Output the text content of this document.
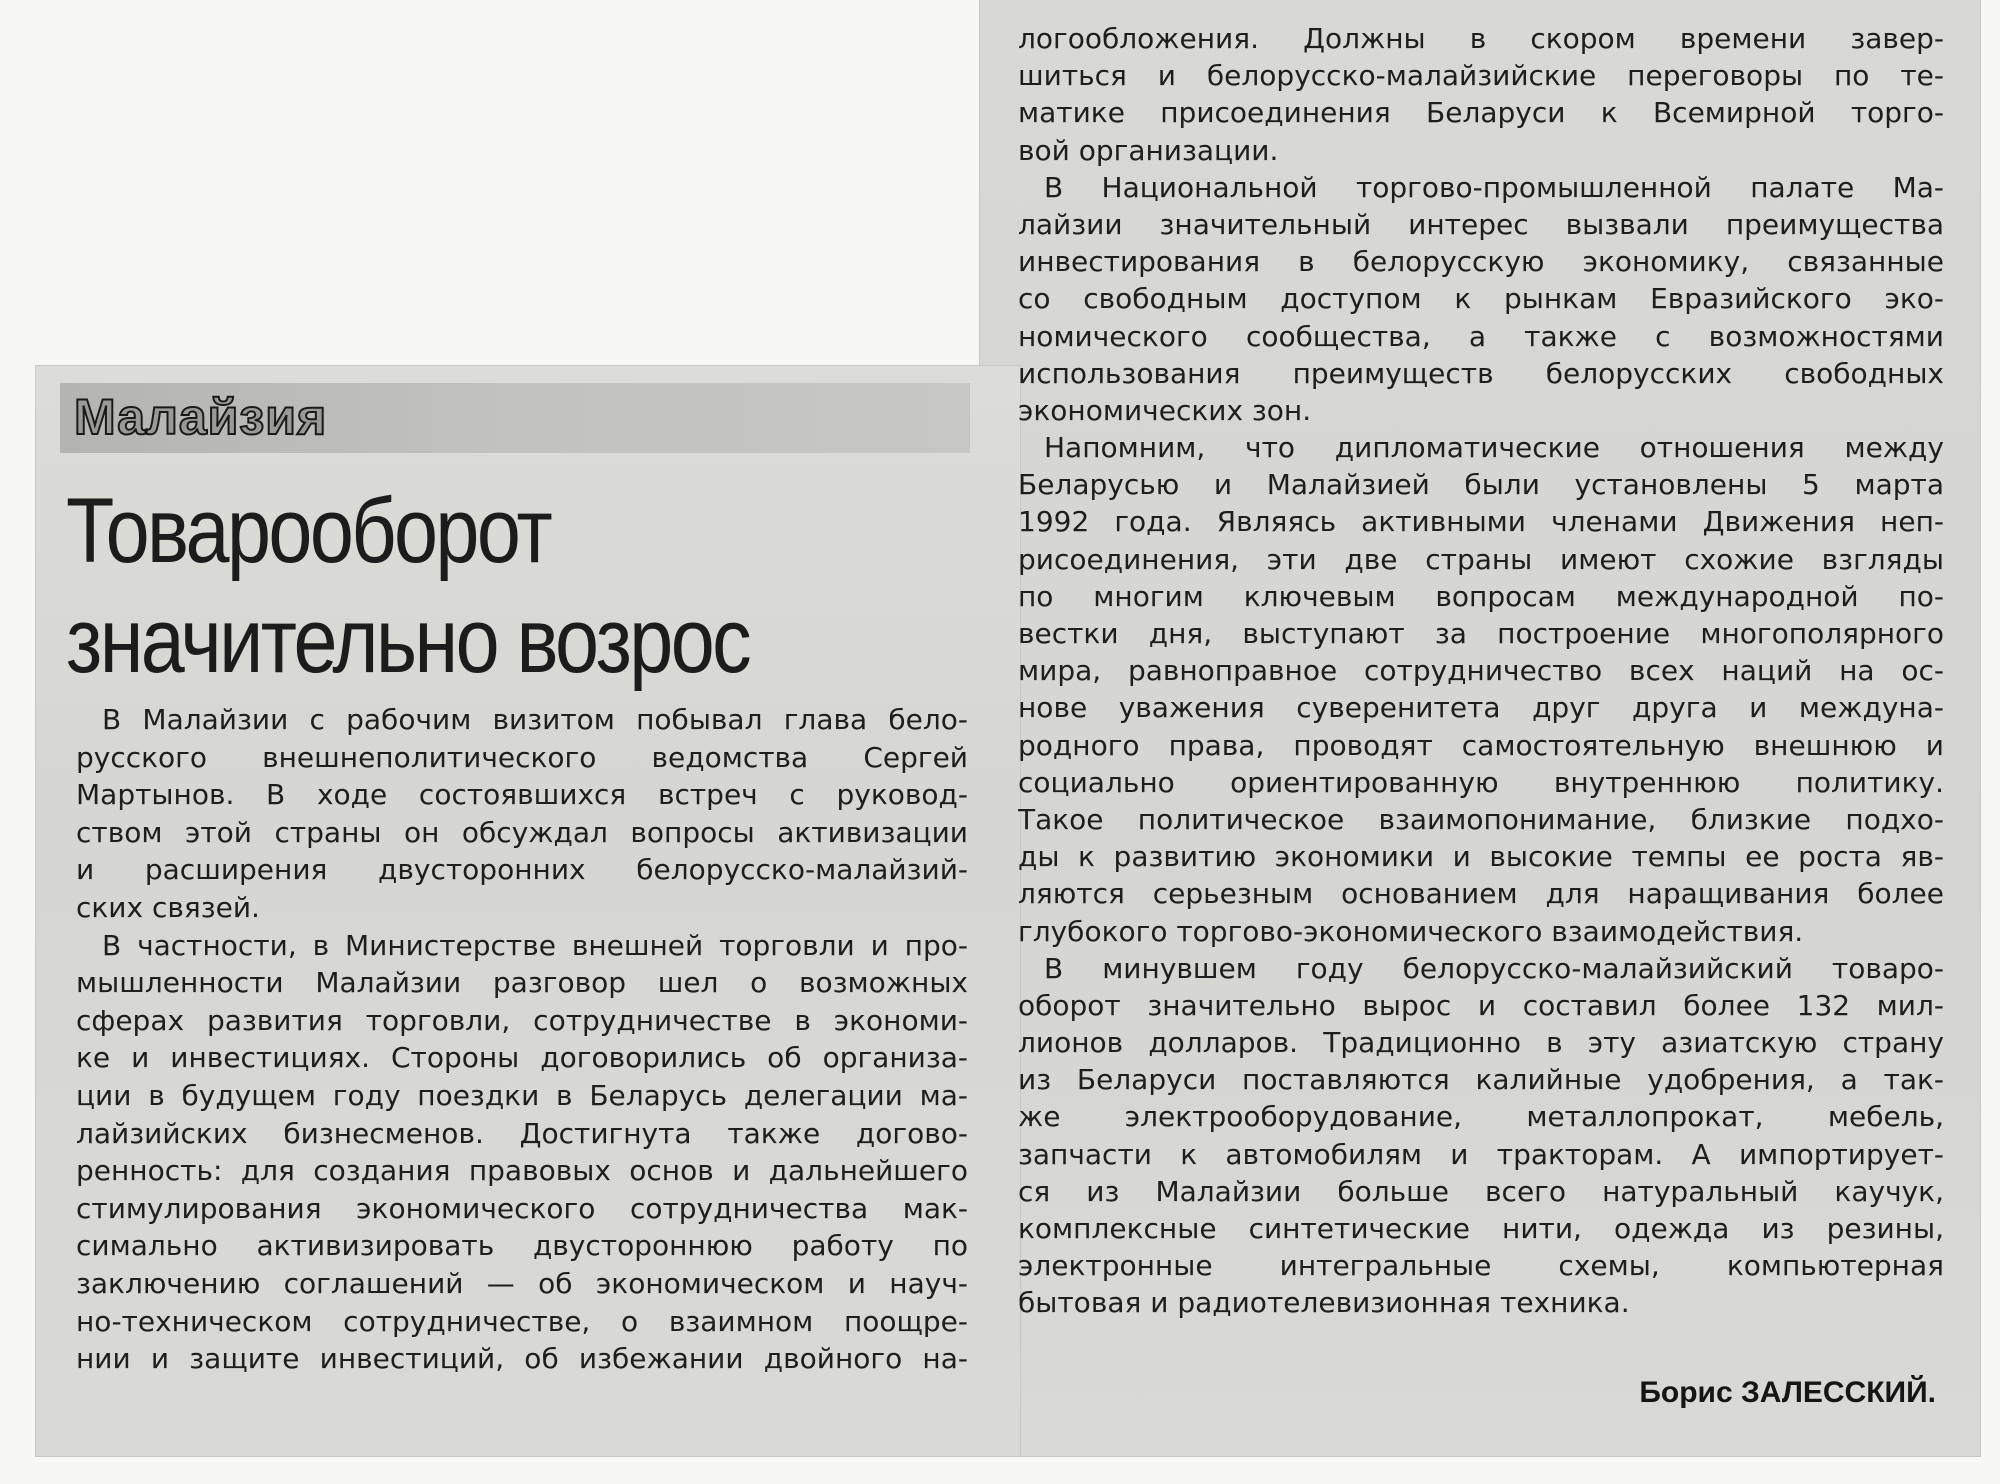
Малайзия
Товарооборот
значительно возрос
В Малайзии с рабочим визитом побывал глава бело-
русского внешнеполитического ведомства Сергей
Мартынов. В ходе состоявшихся встреч с руковод-
ством этой страны он обсуждал вопросы активизации
и расширения двусторонних белорусско-малайзий-
ских связей.
В частности, в Министерстве внешней торговли и про-
мышленности Малайзии разговор шел о возможных
сферах развития торговли, сотрудничестве в экономи-
ке и инвестициях. Стороны договорились об организа-
ции в будущем году поездки в Беларусь делегации ма-
лайзийских бизнесменов. Достигнута также догово-
ренность: для создания правовых основ и дальнейшего
стимулирования экономического сотрудничества мак-
симально активизировать двустороннюю работу по
заключению соглашений — об экономическом и науч-
но-техническом сотрудничестве, о взаимном поощре-
нии и защите инвестиций, об избежании двойного на-
логообложения. Должны в скором времени завер-
шиться и белорусско-малайзийские переговоры по те-
матике присоединения Беларуси к Всемирной торго-
вой организации.
В Национальной торгово-промышленной палате Ма-
лайзии значительный интерес вызвали преимущества
инвестирования в белорусскую экономику, связанные
со свободным доступом к рынкам Евразийского эко-
номического сообщества, а также с возможностями
использования преимуществ белорусских свободных
экономических зон.
Напомним, что дипломатические отношения между
Беларусью и Малайзией были установлены 5 марта
1992 года. Являясь активными членами Движения неп-
рисоединения, эти две страны имеют схожие взгляды
по многим ключевым вопросам международной по-
вестки дня, выступают за построение многополярного
мира, равноправное сотрудничество всех наций на ос-
нове уважения суверенитета друг друга и междуна-
родного права, проводят самостоятельную внешнюю и
социально ориентированную внутреннюю политику.
Такое политическое взаимопонимание, близкие подхо-
ды к развитию экономики и высокие темпы ее роста яв-
ляются серьезным основанием для наращивания более
глубокого торгово-экономического взаимодействия.
В минувшем году белорусско-малайзийский товаро-
оборот значительно вырос и составил более 132 мил-
лионов долларов. Традиционно в эту азиатскую страну
из Беларуси поставляются калийные удобрения, а так-
же электрооборудование, металлопрокат, мебель,
запчасти к автомобилям и тракторам. А импортирует-
ся из Малайзии больше всего натуральный каучук,
комплексные синтетические нити, одежда из резины,
электронные интегральные схемы, компьютерная
бытовая и радиотелевизионная техника.
Борис ЗАЛЕССКИЙ.
